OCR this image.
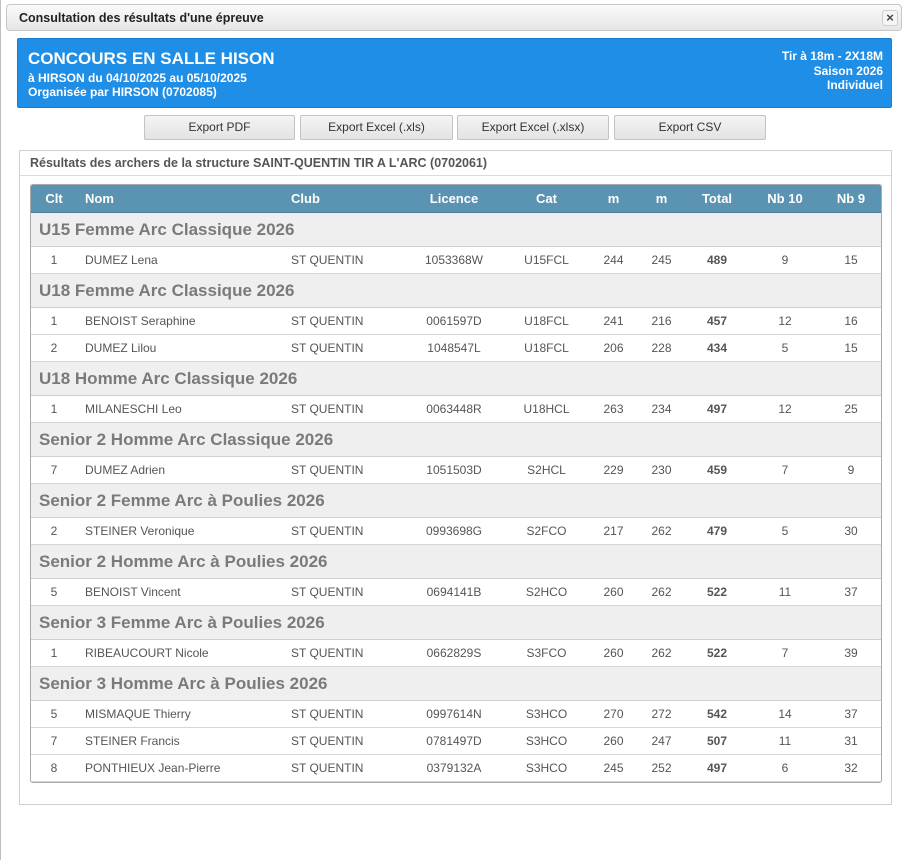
Consultation des résultats d'une épreuve	×
CONCOURS EN SALLE HISON
à HIRSON du 04/10/2025 au 05/10/2025
Organisée par HIRSON (0702085)
Tir à 18m - 2X18M
Saison 2026
Individuel
Export PDF	Export Excel (.xls)	Export Excel (.xlsx)	Export CSV
Résultats des archers de la structure SAINT-QUENTIN TIR A L'ARC (0702061)
Clt	Nom	Club	Licence	Cat	m	m	Total	Nb 10	Nb 9
U15 Femme Arc Classique 2026
1	DUMEZ Lena	ST QUENTIN	1053368W	U15FCL	244	245	489	9	15
U18 Femme Arc Classique 2026
1	BENOIST Seraphine	ST QUENTIN	0061597D	U18FCL	241	216	457	12	16
2	DUMEZ Lilou	ST QUENTIN	1048547L	U18FCL	206	228	434	5	15
U18 Homme Arc Classique 2026
1	MILANESCHI Leo	ST QUENTIN	0063448R	U18HCL	263	234	497	12	25
Senior 2 Homme Arc Classique 2026
7	DUMEZ Adrien	ST QUENTIN	1051503D	S2HCL	229	230	459	7	9
Senior 2 Femme Arc à Poulies 2026
2	STEINER Veronique	ST QUENTIN	0993698G	S2FCO	217	262	479	5	30
Senior 2 Homme Arc à Poulies 2026
5	BENOIST Vincent	ST QUENTIN	0694141B	S2HCO	260	262	522	11	37
Senior 3 Femme Arc à Poulies 2026
1	RIBEAUCOURT Nicole	ST QUENTIN	0662829S	S3FCO	260	262	522	7	39
Senior 3 Homme Arc à Poulies 2026
5	MISMAQUE Thierry	ST QUENTIN	0997614N	S3HCO	270	272	542	14	37
7	STEINER Francis	ST QUENTIN	0781497D	S3HCO	260	247	507	11	31
8	PONTHIEUX Jean-Pierre	ST QUENTIN	0379132A	S3HCO	245	252	497	6	32
